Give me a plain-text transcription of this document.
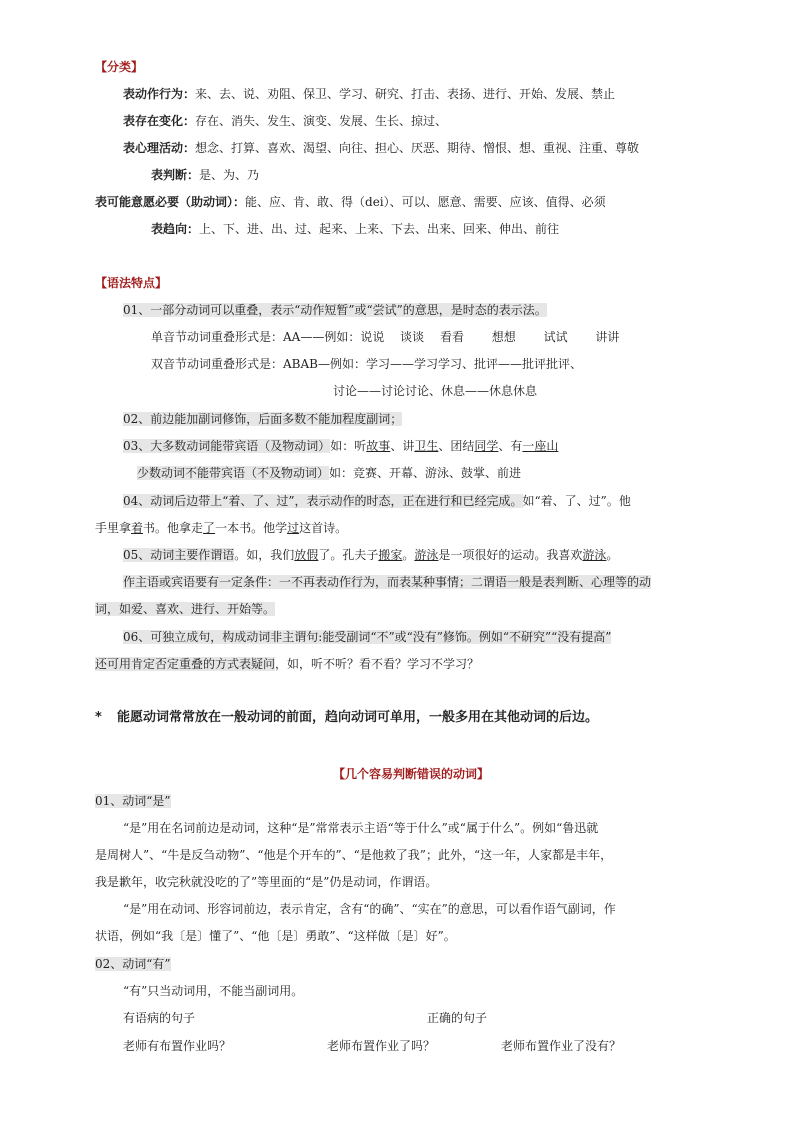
【分类】
表动作行为：来、去、说、劝阻、保卫、学习、研究、打击、表扬、进行、开始、发展、禁止
表存在变化：存在、消失、发生、演变、发展、生长、掠过、
表心理活动：想念、打算、喜欢、渴望、向往、担心、厌恶、期待、憎恨、想、重视、注重、尊敬
表判断：是、为、乃
表可能意愿必要（助动词）：能、应、肯、敢、得（dei）、可以、愿意、需要、应该、值得、必须
表趋向：上、下、进、出、过、起来、上来、下去、出来、回来、伸出、前往
【语法特点】
01、一部分动词可以重叠，表示“动作短暂”或“尝试”的意思，是时态的表示法。
单音节动词重叠形式是：AA——例如：说说　 谈谈　 看看　　 想想　　 试试　　 讲讲
双音节动词重叠形式是：ABAB—例如：学习——学习学习、批评——批评批评、
讨论——讨论讨论、休息——休息休息
02、前边能加副词修饰，后面多数不能加程度副词；
03、大多数动词能带宾语（及物动词）如：听故事、讲卫生、团结同学、有一座山
少数动词不能带宾语（不及物动词）如：竞赛、开幕、游泳、鼓掌、前进
04、动词后边带上“着、了、过”，表示动作的时态，正在进行和已经完成。如“着、了、过”。他
手里拿着书。他拿走了一本书。他学过这首诗。
05、动词主要作谓语。如，我们放假了。孔夫子搬家。游泳是一项很好的运动。我喜欢游泳。
作主语或宾语要有一定条件：一不再表动作行为，而表某种事情；二谓语一般是表判断、心理等的动
词，如爱、喜欢、进行、开始等。
06、可独立成句，构成动词非主谓句:能受副词“不”或“没有”修饰。例如“不研究”“没有提高”
还可用肯定否定重叠的方式表疑问，如，听不听？看不看？学习不学习？
* 能愿动词常常放在一般动词的前面，趋向动词可单用，一般多用在其他动词的后边。
【几个容易判断错误的动词】
01、动词“是”
“是”用在名词前边是动词，这种“是”常常表示主语“等于什么”或“属于什么”。例如“鲁迅就
是周树人”、“牛是反刍动物”、“他是个开车的”、“是他救了我”；此外，“这一年，人家都是丰年，
我是歉年，收完秋就没吃的了”等里面的“是”仍是动词，作谓语。
“是”用在动词、形容词前边，表示肯定，含有“的确”、“实在”的意思，可以看作语气副词，作
状语，例如“我〔是〕懂了”、“他〔是〕勇敢”、“这样做〔是〕好”。
02、动词“有”
“有”只当动词用，不能当副词用。
有语病的句子	正确的句子
老师有布置作业吗？	老师布置作业了吗？	老师布置作业了没有？
